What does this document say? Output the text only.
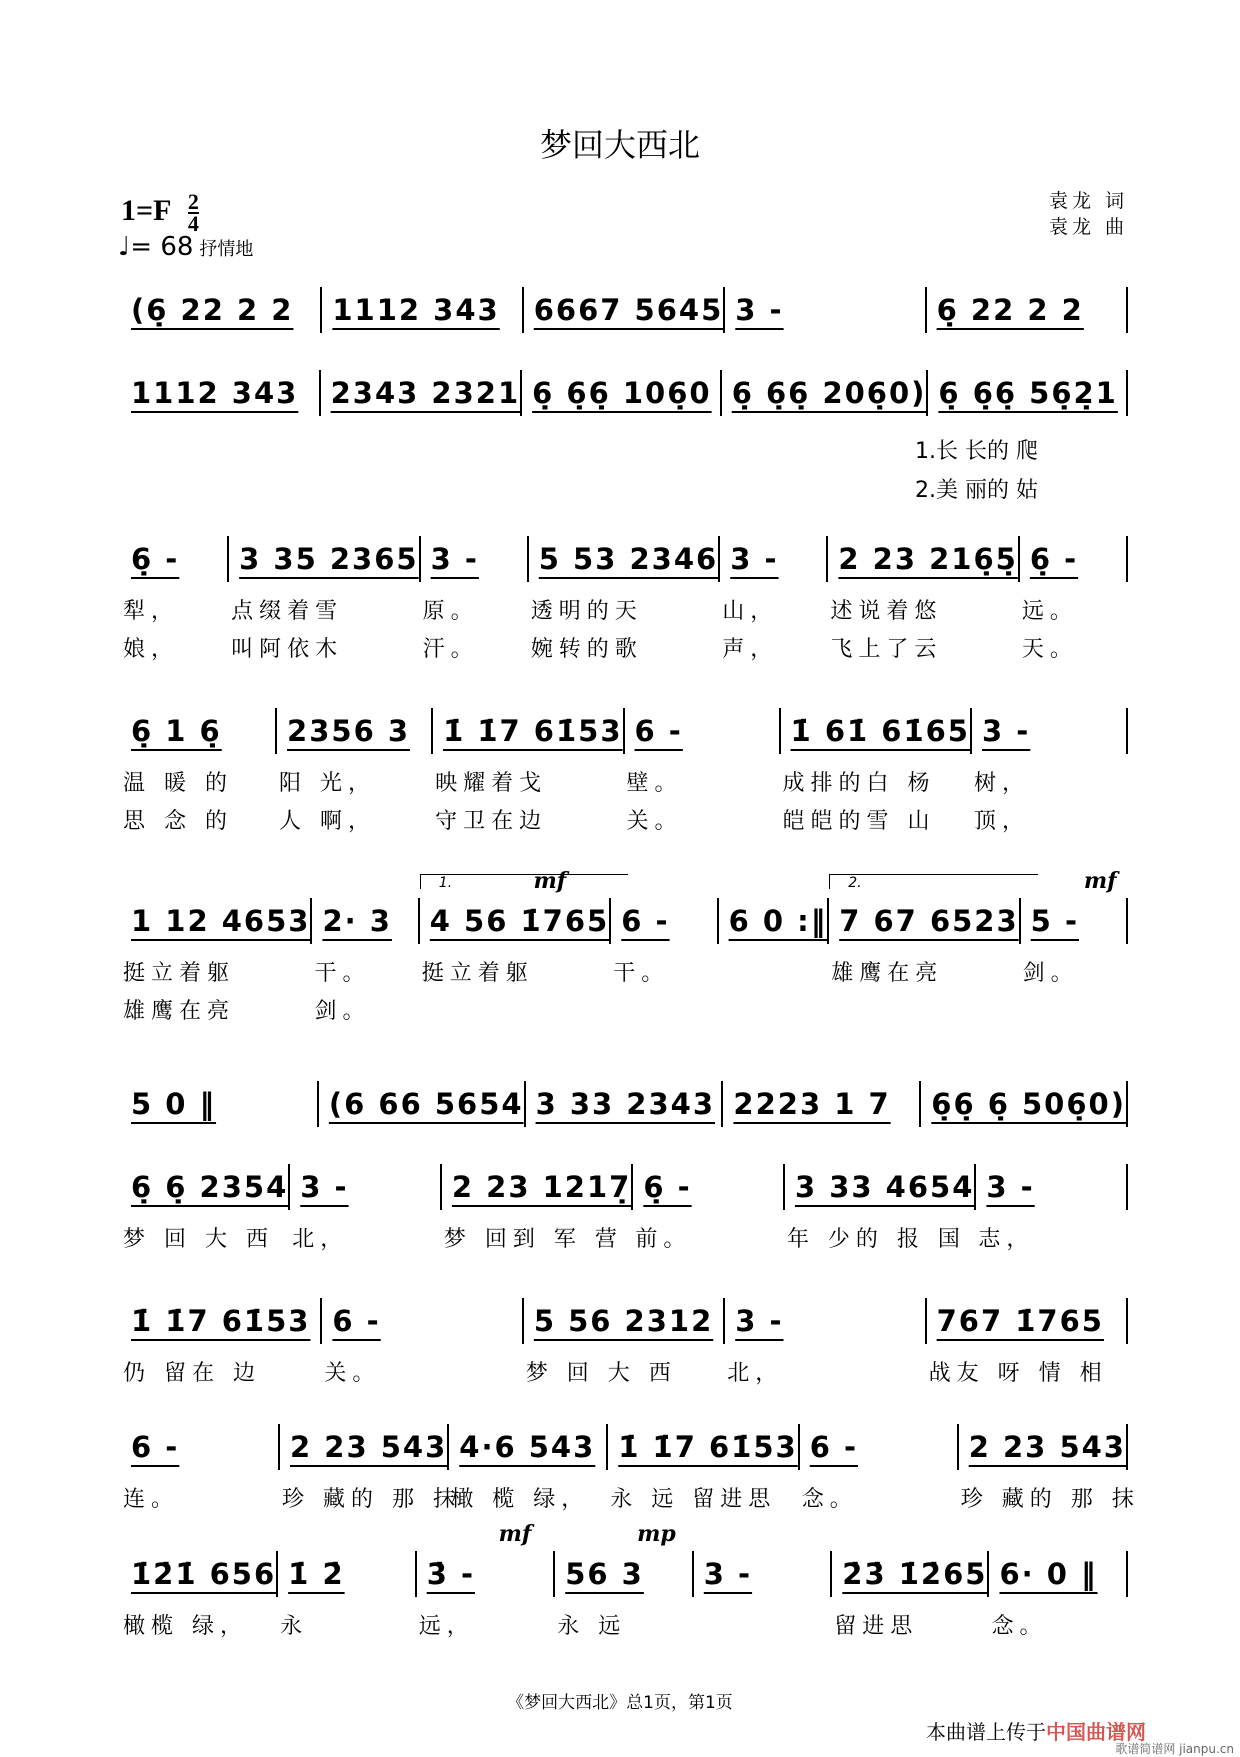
梦回大西北
$1=F \frac{2}{4}$
♩= 68 抒情地
袁龙 词
袁龙 曲
1.长 长的 爬
2.美 丽的 姑
(6̣ 22 2 2	1112 343	6667 5645 3 -	6̣ 22 2 2
1112 343	2343 2321 6̣ 6̣6̣ 106̣0 6̣ 6̣6̣ 206̣0) 6̣ 6̣6̣ 56̣2̣1
6̣ -
犁，
娘，
3 35 2365
点缀着雪
叫阿依木
3 -
原。
汗。
5 53 2346
透明的天
婉转的歌
3 -
山，
声，
2 23 216̣5̣
述说着悠
飞上了云
6̣ -
远。
天。
6̣ 1 6̣
温 暖 的
思 念 的
2356 3
阳 光，
人 啊，
1̇ 1̇7 61̇53
映耀着戈
守卫在边
6 -
壁。
关。
1̇ 61̇ 61̇65
成排的白 杨
皑皑的雪 山
3 -
树，
顶，
1 12 4653
挺立着躯
雄鹰在亮
2· 3
干。
剑。
4 56 1̇765
挺立着躯
1.	mf
6 -
干。
6 0 :‖ 7 67 6523
雄鹰在亮
2.
5 -
剑。
mf
5 0 ‖	(6 66 5654 3 33 2343 2223 1 7	6̣6̣ 6̣ 506̣0)
6̣ 6̣ 2354
梦 回 大 西
3 -
北，
2 23 1217̣
梦 回到 军 营
6̣ -
前。
3 33 4654
年 少的 报 国
3 -
志，
1̇ 1̇7 61̇53
仍 留在 边
6 -
关。
5 56 2312
梦 回 大 西
3 -
北，
767 1̇765
战友 呀 情 相
6 -
连。
2 23 543
珍 藏的 那 抹
4·6 543
橄 榄 绿，
1̇ 1̇7 61̇53
永 远 留进思
6 -
念。
2 23 543
珍 藏的 那 抹
1̇2̇1̇ 656
橄榄 绿，
1̇ 2̇
永
3̇ -
远，
mf
56 3
永 远
mp
3 -	2̇3̇ 1̇2̇65
留进思
6· 0 ‖
念。
《梦回大西北》总1页，第1页
本曲谱上传于中国曲谱网
歌谱简谱网 jianpu.cn
